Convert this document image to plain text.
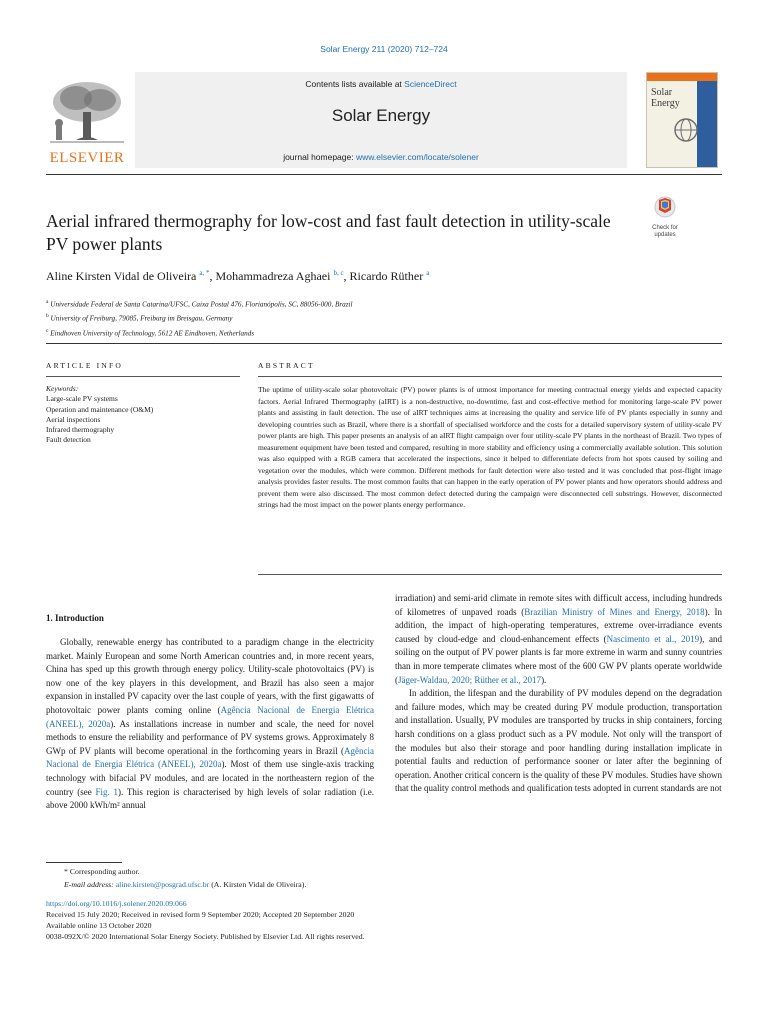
Solar Energy 211 (2020) 712–724
Contents lists available at ScienceDirect
Solar Energy
journal homepage: www.elsevier.com/locate/solener
ELSEVIER
Solar
Energy
Aerial infrared thermography for low-cost and fast fault detection in utility-scale PV power plants
Check for
updates
Aline Kirsten Vidal de Oliveira $^{a, *}$, Mohammadreza Aghaei $^{b, c}$, Ricardo Rüther $^a$
$^a$ Universidade Federal de Santa Catarina/UFSC, Caixa Postal 476, Florianópolis, SC, 88056-000, Brazil
$^b$ University of Freiburg, 79085, Freiburg im Breisgau, Germany
$^c$ Eindhoven University of Technology, 5612 AE Eindhoven, Netherlands
ARTICLE INFO	ABSTRACT
Keywords:
Large-scale PV systems
Operation and maintenance (O&M)
Aerial inspections
Infrared thermography
Fault detection
The uptime of utility-scale solar photovoltaic (PV) power plants is of utmost importance for meeting contractual energy yields and expected capacity factors. Aerial Infrared Thermography (aIRT) is a non-destructive, no-downtime, fast and cost-effective method for monitoring large-scale PV power plants and assisting in fault detection. The use of aIRT techniques aims at increasing the quality and service life of PV plants especially in sunny and developing countries such as Brazil, where there is a shortfall of specialised workforce and the costs for a detailed supervisory system of utility-scale PV power plants are high. This paper presents an analysis of an aIRT flight campaign over four utility-scale PV plants in the northeast of Brazil. Two types of measurement equipment have been tested and compared, resulting in more stability and efficiency using a commercially available solution. This solution was also equipped with a RGB camera that accelerated the inspections, since it helped to differentiate defects from hot spots caused by soiling and vegetation over the modules, which were common. Different methods for fault detection were also tested and it was concluded that post-flight image analysis provides faster results. The most common faults that can happen in the early operation of PV power plants and how operators should address and prevent them were also discussed. The most common defect detected during the campaign were disconnected cell substrings. However, disconnected strings had the most impact on the power plants energy performance.
1. Introduction

Globally, renewable energy has contributed to a paradigm change in the electricity market. Mainly European and some North American countries and, in more recent years, China has sped up this growth through energy policy. Utility-scale photovoltaics (PV) is now one of the key players in this development, and Brazil has also seen a major expansion in installed PV capacity over the last couple of years, with the first gigawatts of photovoltaic power plants coming online (Agência Nacional de Energia Elétrica (ANEEL), 2020a). As installations increase in number and scale, the need for novel methods to ensure the reliability and performance of PV systems grows. Approximately 8 GWp of PV plants will become operational in the forthcoming years in Brazil (Agência Nacional de Energia Elétrica (ANEEL), 2020a). Most of them use single-axis tracking technology with bifacial PV modules, and are located in the northeastern region of the country (see Fig. 1). This region is characterised by high levels of solar radiation (i.e. above 2000 kWh/m² annual

irradiation) and semi-arid climate in remote sites with difficult access, including hundreds of kilometres of unpaved roads (Brazilian Ministry of Mines and Energy, 2018). In addition, the impact of high-operating temperatures, extreme over-irradiance events caused by cloud-edge and cloud-enhancement effects (Nascimento et al., 2019), and soiling on the output of PV power plants is far more extreme in warm and sunny countries than in more temperate climates where most of the 600 GW PV plants operate worldwide (Jäger-Waldau, 2020; Rüther et al., 2017).

In addition, the lifespan and the durability of PV modules depend on the degradation and failure modes, which may be created during PV module production, transportation and installation. Usually, PV modules are transported by trucks in ship containers, forcing harsh conditions on a glass product such as a PV module. Not only will the transport of the modules but also their storage and poor handling during installation implicate in potential faults and reduction of performance sooner or later after the beginning of operation. Another critical concern is the quality of these PV modules. Studies have shown that the quality control methods and qualification tests adopted in current standards are not

* Corresponding author.
E-mail address: aline.kirsten@posgrad.ufsc.br (A. Kirsten Vidal de Oliveira).
https://doi.org/10.1016/j.solener.2020.09.066
Received 15 July 2020; Received in revised form 9 September 2020; Accepted 20 September 2020
Available online 13 October 2020
0038-092X/© 2020 International Solar Energy Society. Published by Elsevier Ltd. All rights reserved.
